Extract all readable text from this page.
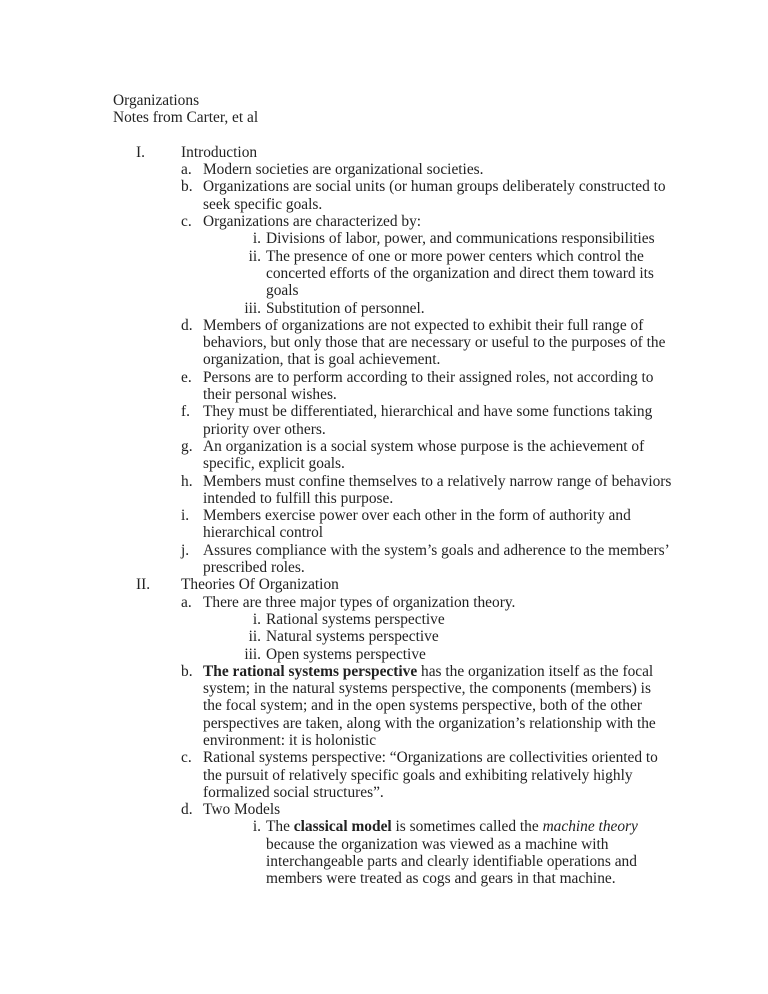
Organizations
Notes from Carter, et al
I. Introduction
a. Modern societies are organizational societies.
b. Organizations are social units (or human groups deliberately constructed to seek specific goals.
c. Organizations are characterized by:
i. Divisions of labor, power, and communications responsibilities
ii. The presence of one or more power centers which control the concerted efforts of the organization and direct them toward its goals
iii. Substitution of personnel.
d. Members of organizations are not expected to exhibit their full range of behaviors, but only those that are necessary or useful to the purposes of the organization, that is goal achievement.
e. Persons are to perform according to their assigned roles, not according to their personal wishes.
f. They must be differentiated, hierarchical and have some functions taking priority over others.
g. An organization is a social system whose purpose is the achievement of specific, explicit goals.
h. Members must confine themselves to a relatively narrow range of behaviors intended to fulfill this purpose.
i. Members exercise power over each other in the form of authority and hierarchical control
j. Assures compliance with the system’s goals and adherence to the members’ prescribed roles.
II. Theories Of Organization
a. There are three major types of organization theory.
i. Rational systems perspective
ii. Natural systems perspective
iii. Open systems perspective
b. The rational systems perspective has the organization itself as the focal system; in the natural systems perspective, the components (members) is the focal system; and in the open systems perspective, both of the other perspectives are taken, along with the organization’s relationship with the environment: it is holonistic
c. Rational systems perspective: “Organizations are collectivities oriented to the pursuit of relatively specific goals and exhibiting relatively highly formalized social structures”.
d. Two Models
i. The classical model is sometimes called the machine theory because the organization was viewed as a machine with interchangeable parts and clearly identifiable operations and members were treated as cogs and gears in that machine.
